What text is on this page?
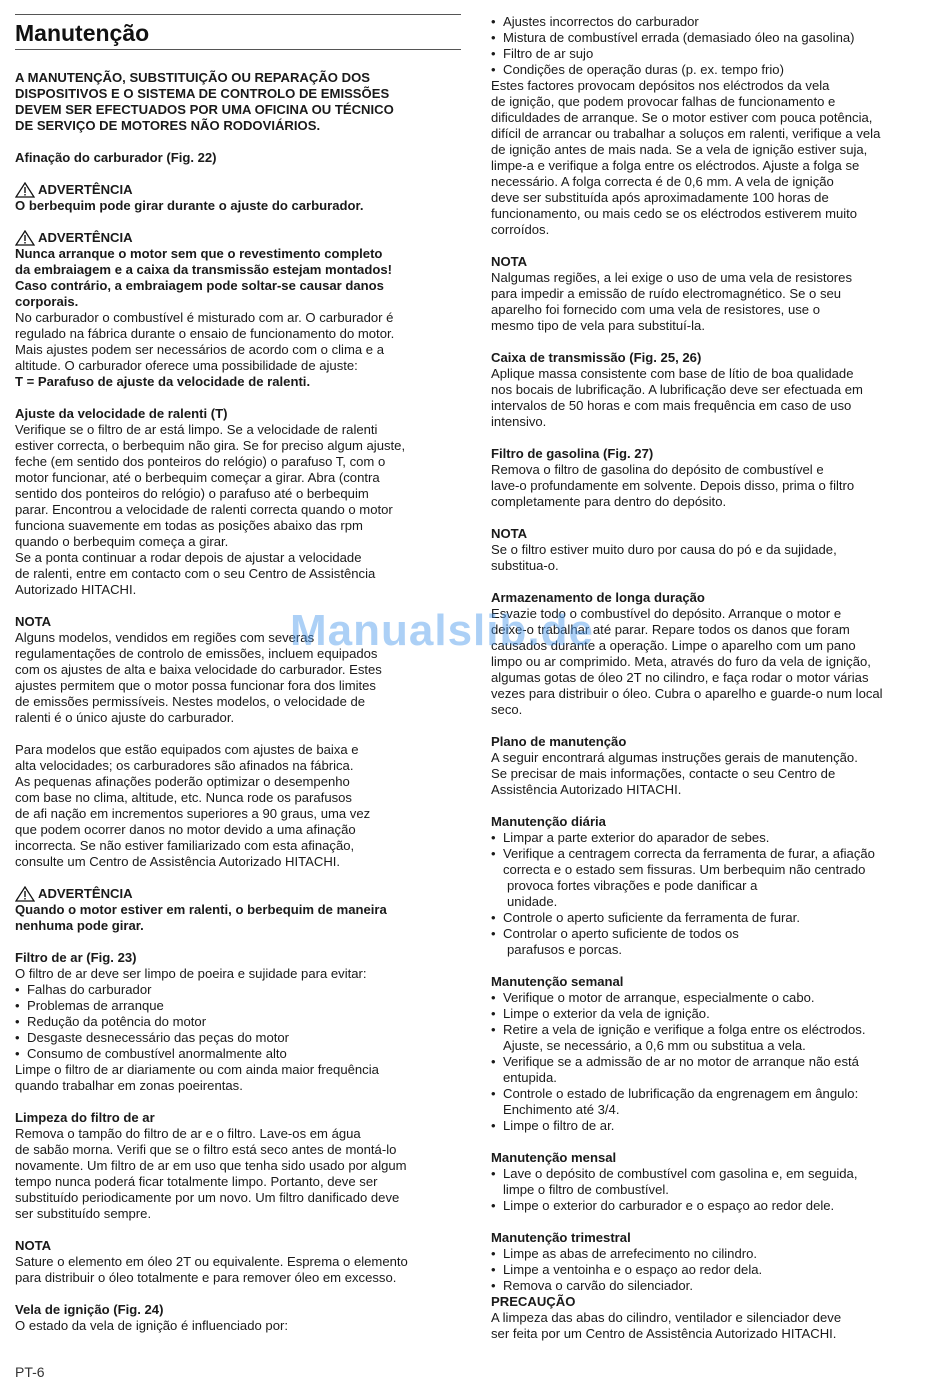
Manutenção

A MANUTENÇÃO, SUBSTITUIÇÃO OU REPARAÇÃO DOS

DISPOSITIVOS E O SISTEMA DE CONTROLO DE EMISSÕES

DEVEM SER EFECTUADOS POR UMA OFICINA OU TÉCNICO

DE SERVIÇO DE MOTORES NÃO RODOVIÁRIOS.

Afinação do carburador (Fig. 22)

ADVERTÊNCIA

O berbequim pode girar durante o ajuste do carburador.

ADVERTÊNCIA

Nunca arranque o motor sem que o revestimento completo

da embraiagem e a caixa da transmissão estejam montados!

Caso contrário, a embraiagem pode soltar-se causar danos

corporais.

No carburador o combustível é misturado com ar. O carburador é

regulado na fábrica durante o ensaio de funcionamento do motor.

Mais ajustes podem ser necessários de acordo com o clima e a

altitude. O carburador oferece uma possibilidade de ajuste:

T = Parafuso de ajuste da velocidade de ralenti.

Ajuste da velocidade de ralenti (T)

Verifique se o filtro de ar está limpo. Se a velocidade de ralenti

estiver correcta, o berbequim não gira. Se for preciso algum ajuste,

feche (em sentido dos ponteiros do relógio) o parafuso T, com o

motor funcionar, até o berbequim começar a girar. Abra (contra

sentido dos ponteiros do relógio) o parafuso até o berbequim

parar. Encontrou a velocidade de ralenti correcta quando o motor

funciona suavemente em todas as posições abaixo das rpm

quando o berbequim começa a girar.

Se a ponta continuar a rodar depois de ajustar a velocidade

de ralenti, entre em contacto com o seu Centro de Assistência

Autorizado HITACHI.

NOTA

Alguns modelos, vendidos em regiões com severas

regulamentações de controlo de emissões, incluem equipados

com os ajustes de alta e baixa velocidade do carburador. Estes

ajustes permitem que o motor possa funcionar fora dos limites

de emissões permissíveis. Nestes modelos, o velocidade de

ralenti é o único ajuste do carburador.

Para modelos que estão equipados com ajustes de baixa e

alta velocidades; os carburadores são afinados na fábrica.

As pequenas afinações poderão optimizar o desempenho

com base no clima, altitude, etc. Nunca rode os parafusos

de afi nação em incrementos superiores a 90 graus, uma vez

que podem ocorrer danos no motor devido a uma afinação

incorrecta. Se não estiver familiarizado com esta afinação,

consulte um Centro de Assistência Autorizado HITACHI.

ADVERTÊNCIA

Quando o motor estiver em ralenti, o berbequim de maneira

nenhuma pode girar.

Filtro de ar (Fig. 23)

O filtro de ar deve ser limpo de poeira e sujidade para evitar:

• Falhas do carburador
• Problemas de arranque
• Redução da potência do motor
• Desgaste desnecessário das peças do motor
• Consumo de combustível anormalmente alto

Limpe o filtro de ar diariamente ou com ainda maior frequência

quando trabalhar em zonas poeirentas.

Limpeza do filtro de ar

Remova o tampão do filtro de ar e o filtro. Lave-os em água

de sabão morna. Verifi que se o filtro está seco antes de montá-lo

novamente. Um filtro de ar em uso que tenha sido usado por algum

tempo nunca poderá ficar totalmente limpo. Portanto, deve ser

substituído periodicamente por um novo. Um filtro danificado deve

ser substituído sempre.

NOTA

Sature o elemento em óleo 2T ou equivalente. Esprema o elemento

para distribuir o óleo totalmente e para remover óleo em excesso.

Vela de ignição (Fig. 24)

O estado da vela de ignição é influenciado por:

• Ajustes incorrectos do carburador
• Mistura de combustível errada (demasiado óleo na gasolina)
• Filtro de ar sujo
• Condições de operação duras (p. ex. tempo frio)

Estes factores provocam depósitos nos eléctrodos da vela

de ignição, que podem provocar falhas de funcionamento e

dificuldades de arranque. Se o motor estiver com pouca potência,

difícil de arrancar ou trabalhar a soluços em ralenti, verifique a vela

de ignição antes de mais nada. Se a vela de ignição estiver suja,

limpe-a e verifique a folga entre os eléctrodos. Ajuste a folga se

necessário. A folga correcta é de 0,6 mm. A vela de ignição

deve ser substituída após aproximadamente 100 horas de

funcionamento, ou mais cedo se os eléctrodos estiverem muito

corroídos.

NOTA

Nalgumas regiões, a lei exige o uso de uma vela de resistores

para impedir a emissão de ruído electromagnético. Se o seu

aparelho foi fornecido com uma vela de resistores, use o

mesmo tipo de vela para substituí-la.

Caixa de transmissão (Fig. 25, 26)

Aplique massa consistente com base de lítio de boa qualidade

nos bocais de lubrificação. A lubrificação deve ser efectuada em

intervalos de 50 horas e com mais frequência em caso de uso

intensivo.

Filtro de gasolina (Fig. 27)

Remova o filtro de gasolina do depósito de combustível e

lave-o profundamente em solvente. Depois disso, prima o filtro

completamente para dentro do depósito.

NOTA

Se o filtro estiver muito duro por causa do pó e da sujidade,

substitua-o.

Armazenamento de longa duração

Esvazie todo o combustível do depósito. Arranque o motor e

deixe-o trabalhar até parar. Repare todos os danos que foram

causados durante a operação. Limpe o aparelho com um pano

limpo ou ar comprimido. Meta, através do furo da vela de ignição,

algumas gotas de óleo 2T no cilindro, e faça rodar o motor várias

vezes para distribuir o óleo. Cubra o aparelho e guarde-o num local

seco.

Plano de manutenção

A seguir encontrará algumas instruções gerais de manutenção.

Se precisar de mais informações, contacte o seu Centro de

Assistência Autorizado HITACHI.

Manutenção diária

• Limpar a parte exterior do aparador de sebes.
• Verifique a centragem correcta da ferramenta de furar, a afiação

correcta e o estado sem fissuras. Um berbequim não centrado

provoca fortes vibrações e pode danificar a

unidade.

• Controle o aperto suficiente da ferramenta de furar.
• Controlar o aperto suficiente de todos os

parafusos e porcas.

Manutenção semanal

• Verifique o motor de arranque, especialmente o cabo.
• Limpe o exterior da vela de ignição.
• Retire a vela de ignição e verifique a folga entre os eléctrodos.

Ajuste, se necessário, a 0,6 mm ou substitua a vela.

• Verifique se a admissão de ar no motor de arranque não está

entupida.

• Controle o estado de lubrificação da engrenagem em ângulo:

Enchimento até 3/4.

• Limpe o filtro de ar.

Manutenção mensal

• Lave o depósito de combustível com gasolina e, em seguida,

limpe o filtro de combustível.

• Limpe o exterior do carburador e o espaço ao redor dele.

Manutenção trimestral

• Limpe as abas de arrefecimento no cilindro.
• Limpe a ventoinha e o espaço ao redor dela.
• Remova o carvão do silenciador.

PRECAUÇÃO

A limpeza das abas do cilindro, ventilador e silenciador deve

ser feita por um Centro de Assistência Autorizado HITACHI.

Manualslib.de
PT-6
